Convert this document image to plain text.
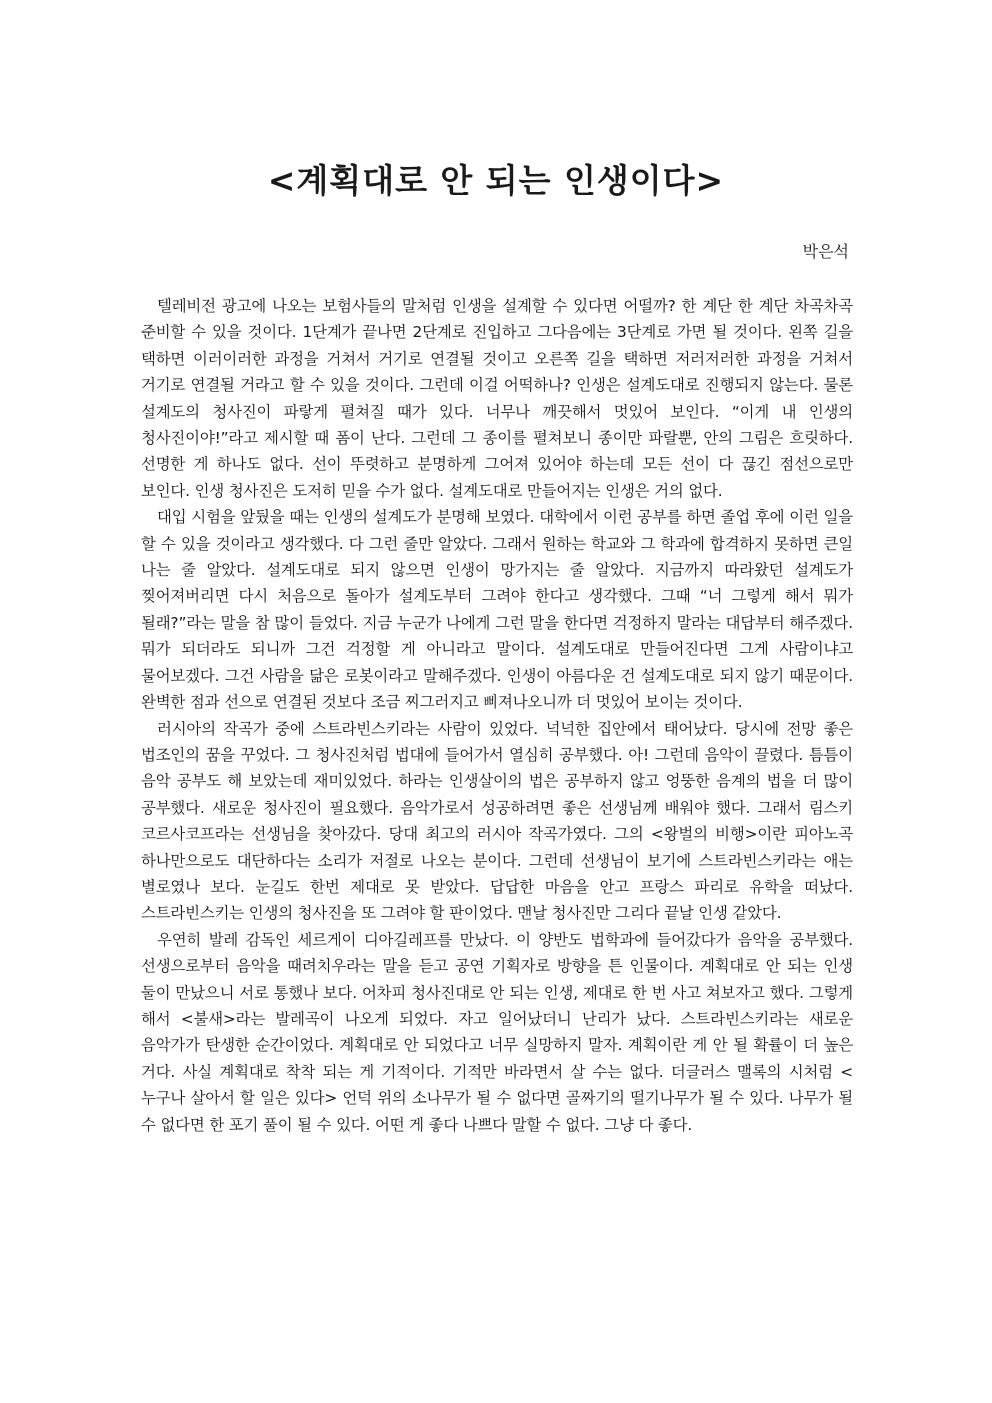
<계획대로 안 되는 인생이다>
박은석

텔레비전 광고에 나오는 보험사들의 말처럼 인생을 설계할 수 있다면 어떨까? 한 계단 한 계단 차곡차곡 준비할 수 있을 것이다. 1단계가 끝나면 2단계로 진입하고 그다음에는 3단계로 가면 될 것이다. 왼쪽 길을 택하면 이러이러한 과정을 거쳐서 거기로 연결될 것이고 오른쪽 길을 택하면 저러저러한 과정을 거쳐서 거기로 연결될 거라고 할 수 있을 것이다. 그런데 이걸 어떡하나? 인생은 설계도대로 진행되지 않는다. 물론 설계도의 청사진이 파랗게 펼쳐질 때가 있다. 너무나 깨끗해서 멋있어 보인다. “이게 내 인생의 청사진이야!”라고 제시할 때 폼이 난다. 그런데 그 종이를 펼쳐보니 종이만 파랄뿐, 안의 그림은 흐릿하다. 선명한 게 하나도 없다. 선이 뚜렷하고 분명하게 그어져 있어야 하는데 모든 선이 다 끊긴 점선으로만 보인다. 인생 청사진은 도저히 믿을 수가 없다. 설계도대로 만들어지는 인생은 거의 없다.

대입 시험을 앞뒀을 때는 인생의 설계도가 분명해 보였다. 대학에서 이런 공부를 하면 졸업 후에 이런 일을 할 수 있을 것이라고 생각했다. 다 그런 줄만 알았다. 그래서 원하는 학교와 그 학과에 합격하지 못하면 큰일 나는 줄 알았다. 설계도대로 되지 않으면 인생이 망가지는 줄 알았다. 지금까지 따라왔던 설계도가 찢어져버리면 다시 처음으로 돌아가 설계도부터 그려야 한다고 생각했다. 그때 “너 그렇게 해서 뭐가 될래?”라는 말을 참 많이 들었다. 지금 누군가 나에게 그런 말을 한다면 걱정하지 말라는 대답부터 해주겠다. 뭐가 되더라도 되니까 그건 걱정할 게 아니라고 말이다. 설계도대로 만들어진다면 그게 사람이냐고 물어보겠다. 그건 사람을 닮은 로봇이라고 말해주겠다. 인생이 아름다운 건 설계도대로 되지 않기 때문이다. 완벽한 점과 선으로 연결된 것보다 조금 찌그러지고 삐져나오니까 더 멋있어 보이는 것이다.

러시아의 작곡가 중에 스트라빈스키라는 사람이 있었다. 넉넉한 집안에서 태어났다. 당시에 전망 좋은 법조인의 꿈을 꾸었다. 그 청사진처럼 법대에 들어가서 열심히 공부했다. 아! 그런데 음악이 끌렸다. 틈틈이 음악 공부도 해 보았는데 재미있었다. 하라는 인생살이의 법은 공부하지 않고 엉뚱한 음계의 법을 더 많이 공부했다. 새로운 청사진이 필요했다. 음악가로서 성공하려면 좋은 선생님께 배워야 했다. 그래서 림스키 코르사코프라는 선생님을 찾아갔다. 당대 최고의 러시아 작곡가였다. 그의 <왕벌의 비행>이란 피아노곡 하나만으로도 대단하다는 소리가 저절로 나오는 분이다. 그런데 선생님이 보기에 스트라빈스키라는 애는 별로였나 보다. 눈길도 한번 제대로 못 받았다. 답답한 마음을 안고 프랑스 파리로 유학을 떠났다. 스트라빈스키는 인생의 청사진을 또 그려야 할 판이었다. 맨날 청사진만 그리다 끝날 인생 같았다.

우연히 발레 감독인 세르게이 디아길레프를 만났다. 이 양반도 법학과에 들어갔다가 음악을 공부했다. 선생으로부터 음악을 때려치우라는 말을 듣고 공연 기획자로 방향을 튼 인물이다. 계획대로 안 되는 인생 둘이 만났으니 서로 통했나 보다. 어차피 청사진대로 안 되는 인생, 제대로 한 번 사고 쳐보자고 했다. 그렇게 해서 <불새>라는 발레곡이 나오게 되었다. 자고 일어났더니 난리가 났다. 스트라빈스키라는 새로운 음악가가 탄생한 순간이었다. 계획대로 안 되었다고 너무 실망하지 말자. 계획이란 게 안 될 확률이 더 높은 거다. 사실 계획대로 착착 되는 게 기적이다. 기적만 바라면서 살 수는 없다. 더글러스 맬록의 시처럼 <누구나 살아서 할 일은 있다> 언덕 위의 소나무가 될 수 없다면 골짜기의 떨기나무가 될 수 있다. 나무가 될 수 없다면 한 포기 풀이 될 수 있다. 어떤 게 좋다 나쁘다 말할 수 없다. 그냥 다 좋다.
